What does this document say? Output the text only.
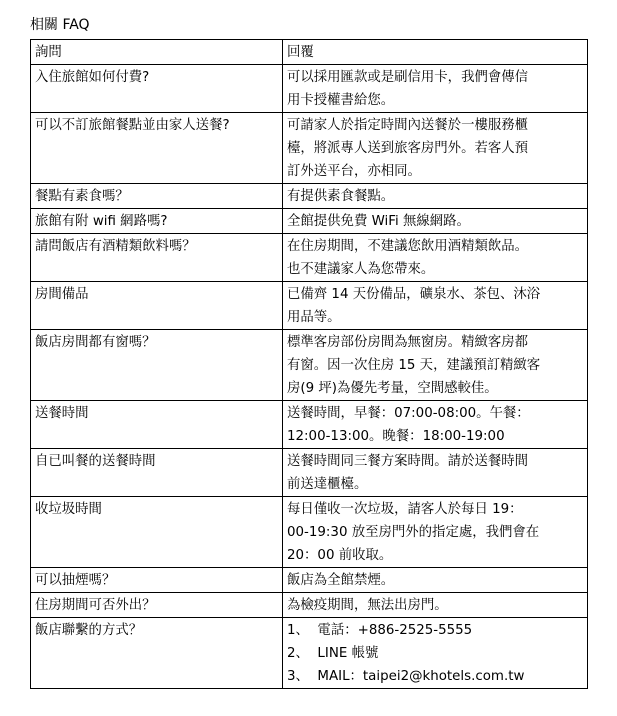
相關 FAQ
詢問	回覆
入住旅館如何付費?	可以採用匯款或是刷信用卡，我們會傳信
用卡授權書給您。

可以不訂旅館餐點並由家人送餐?	可請家人於指定時間內送餐於一樓服務櫃
檯，將派專人送到旅客房門外。若客人預
訂外送平台，亦相同。

餐點有素食嗎？	有提供素食餐點。

旅館有附 wifi 網路嗎?	全館提供免費 WiFi 無線網路。

請問飯店有酒精類飲料嗎？	在住房期間，不建議您飲用酒精類飲品。
也不建議家人為您帶來。

房間備品	已備齊 14 天份備品，礦泉水、茶包、沐浴
用品等。

飯店房間都有窗嗎？	標準客房部份房間為無窗房。精緻客房都
有窗。因一次住房 15 天，建議預訂精緻客
房(9 坪)為優先考量，空間感較佳。

送餐時間	送餐時間，早餐：07:00-08:00。午餐：
12:00-13:00。晚餐：18:00-19:00

自已叫餐的送餐時間	送餐時間同三餐方案時間。請於送餐時間
前送達櫃檯。

收垃圾時間	每日僅收一次垃圾，請客人於每日 19：
00-19:30 放至房門外的指定處，我們會在
20：00 前收取。

可以抽煙嗎？	飯店為全館禁煙。

住房期間可否外出？	為檢疫期間，無法出房門。

飯店聯繫的方式？	1、  電話：+886-2525-5555
2、  LINE 帳號
3、  MAIL：taipei2@khotels.com.tw
